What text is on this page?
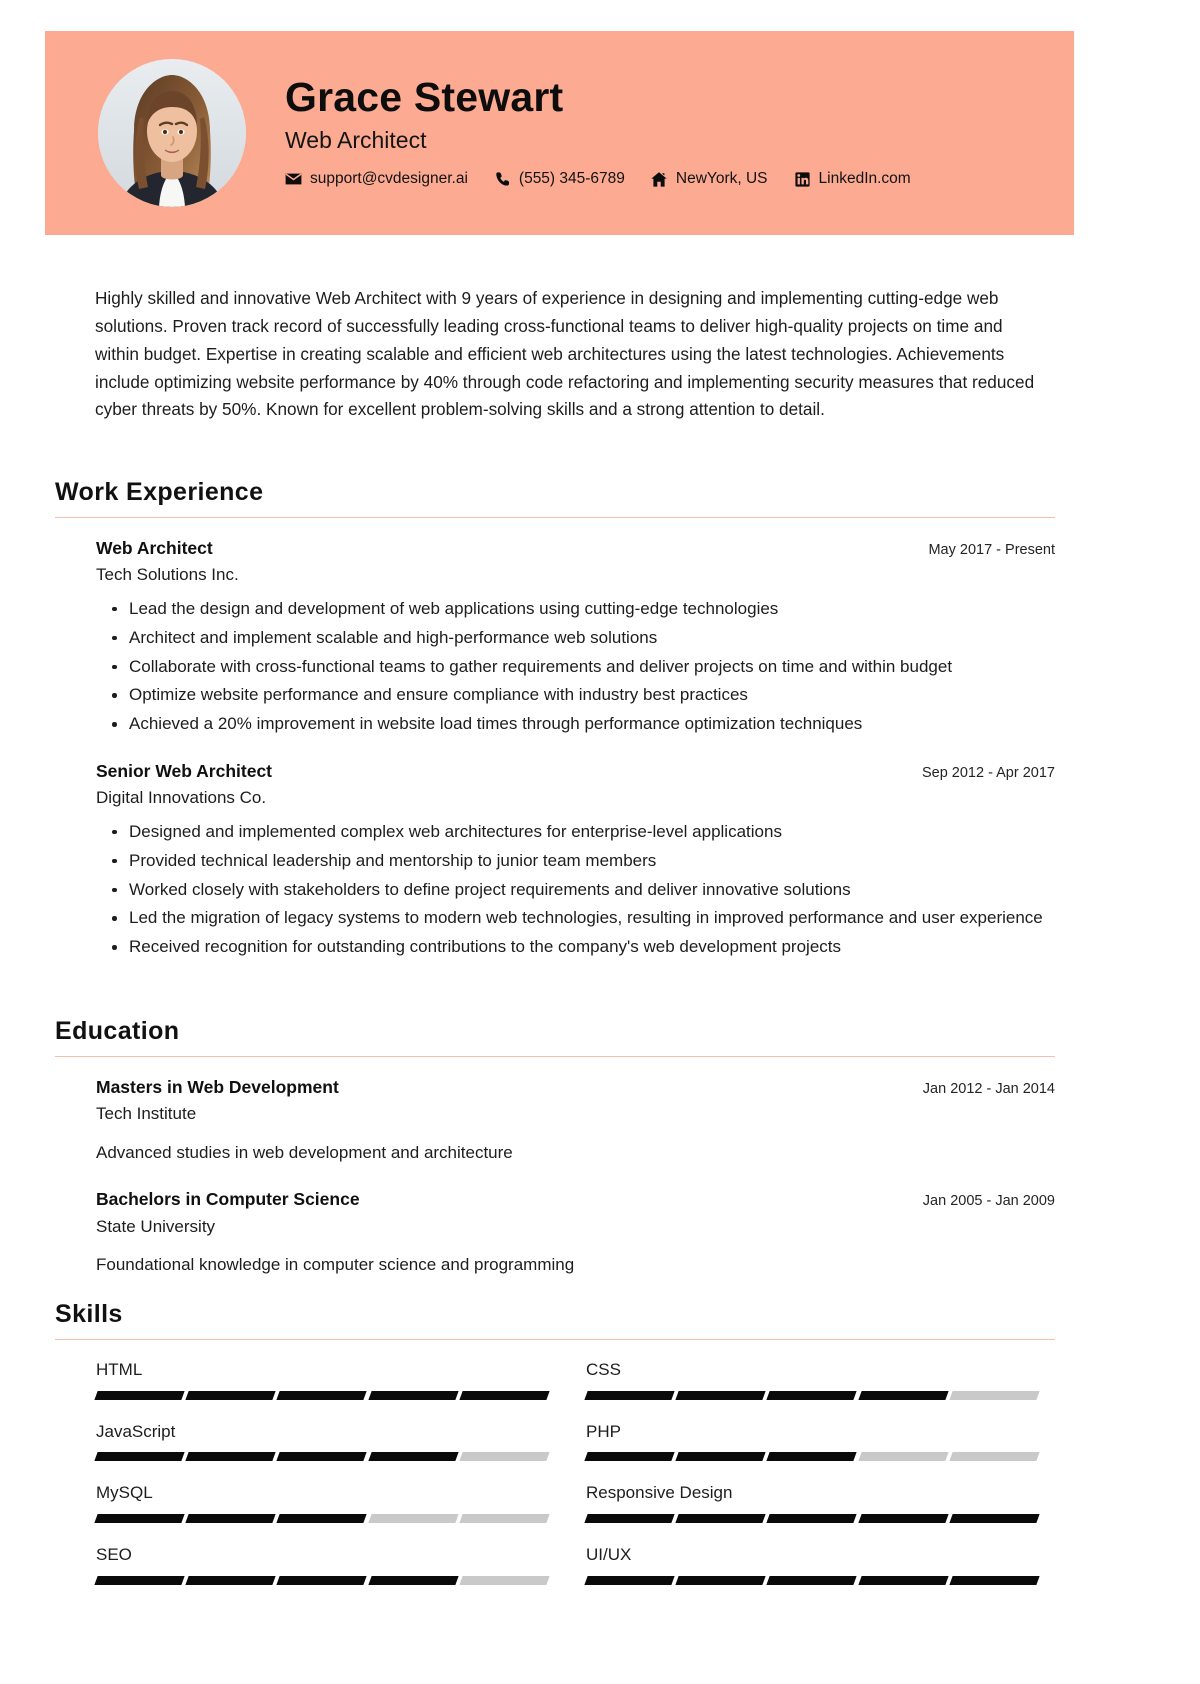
Grace Stewart
Web Architect
support@cvdesigner.ai	(555) 345-6789	NewYork, US	LinkedIn.com
Highly skilled and innovative Web Architect with 9 years of experience in designing and implementing cutting-edge web solutions. Proven track record of successfully leading cross-functional teams to deliver high-quality projects on time and within budget. Expertise in creating scalable and efficient web architectures using the latest technologies. Achievements include optimizing website performance by 40% through code refactoring and implementing security measures that reduced cyber threats by 50%. Known for excellent problem-solving skills and a strong attention to detail.
Work Experience
Web Architect	May 2017 - Present
Tech Solutions Inc.
Lead the design and development of web applications using cutting-edge technologies
Architect and implement scalable and high-performance web solutions
Collaborate with cross-functional teams to gather requirements and deliver projects on time and within budget
Optimize website performance and ensure compliance with industry best practices
Achieved a 20% improvement in website load times through performance optimization techniques
Senior Web Architect	Sep 2012 - Apr 2017
Digital Innovations Co.
Designed and implemented complex web architectures for enterprise-level applications
Provided technical leadership and mentorship to junior team members
Worked closely with stakeholders to define project requirements and deliver innovative solutions
Led the migration of legacy systems to modern web technologies, resulting in improved performance and user experience
Received recognition for outstanding contributions to the company's web development projects
Education
Masters in Web Development	Jan 2012 - Jan 2014
Tech Institute
Advanced studies in web development and architecture
Bachelors in Computer Science	Jan 2005 - Jan 2009
State University
Foundational knowledge in computer science and programming
Skills
HTML	CSS
JavaScript	PHP
MySQL	Responsive Design
SEO	UI/UX
